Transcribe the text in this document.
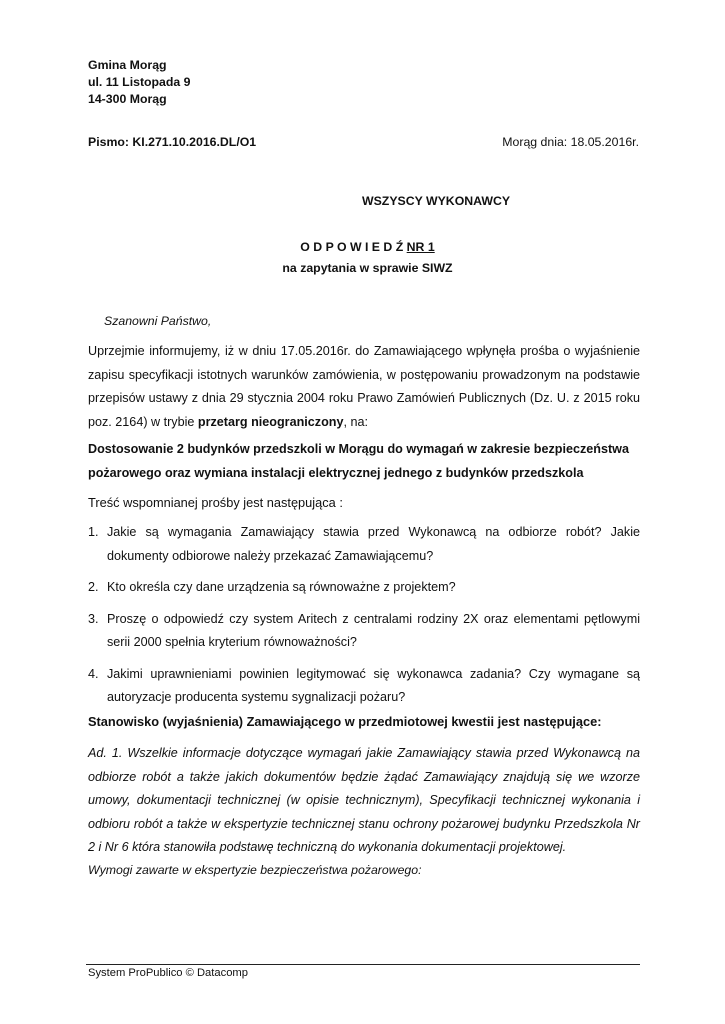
Gmina Morąg
ul. 11 Listopada 9
14-300 Morąg
Pismo: KI.271.10.2016.DL/O1	Morąg dnia: 18.05.2016r.
WSZYSCY WYKONAWCY
O D P O W I E D Ź NR 1
na zapytania w sprawie SIWZ
Szanowni Państwo,
Uprzejmie informujemy, iż w dniu 17.05.2016r. do Zamawiającego wpłynęła prośba o wyjaśnienie zapisu specyfikacji istotnych warunków zamówienia, w postępowaniu prowadzonym na podstawie przepisów ustawy z dnia 29 stycznia 2004 roku Prawo Zamówień Publicznych (Dz. U. z 2015 roku poz. 2164) w trybie przetarg nieograniczony, na:
Dostosowanie 2 budynków przedszkoli w Morągu do wymagań w zakresie bezpieczeństwa pożarowego oraz wymiana instalacji elektrycznej jednego z budynków przedszkola
Treść wspomnianej prośby jest następująca :
1. Jakie są wymagania Zamawiający stawia przed Wykonawcą na odbiorze robót? Jakie dokumenty odbiorowe należy przekazać Zamawiającemu?
2. Kto określa czy dane urządzenia są równoważne z projektem?
3. Proszę o odpowiedź czy system Aritech z centralami rodziny 2X oraz elementami pętlowymi serii 2000 spełnia kryterium równoważności?
4. Jakimi uprawnieniami powinien legitymować się wykonawca zadania? Czy wymagane są autoryzacje producenta systemu sygnalizacji pożaru?
Stanowisko (wyjaśnienia) Zamawiającego w przedmiotowej kwestii jest następujące:
Ad. 1. Wszelkie informacje dotyczące wymagań jakie Zamawiający stawia przed Wykonawcą na odbiorze robót a także jakich dokumentów będzie żądać Zamawiający znajdują się we wzorze umowy, dokumentacji technicznej (w opisie technicznym), Specyfikacji technicznej wykonania i odbioru robót a także w ekspertyzie technicznej stanu ochrony pożarowej budynku Przedszkola Nr 2 i Nr 6 która stanowiła podstawę techniczną do wykonania dokumentacji projektowej.
Wymogi zawarte w ekspertyzie bezpieczeństwa pożarowego:
System ProPublico © Datacomp
